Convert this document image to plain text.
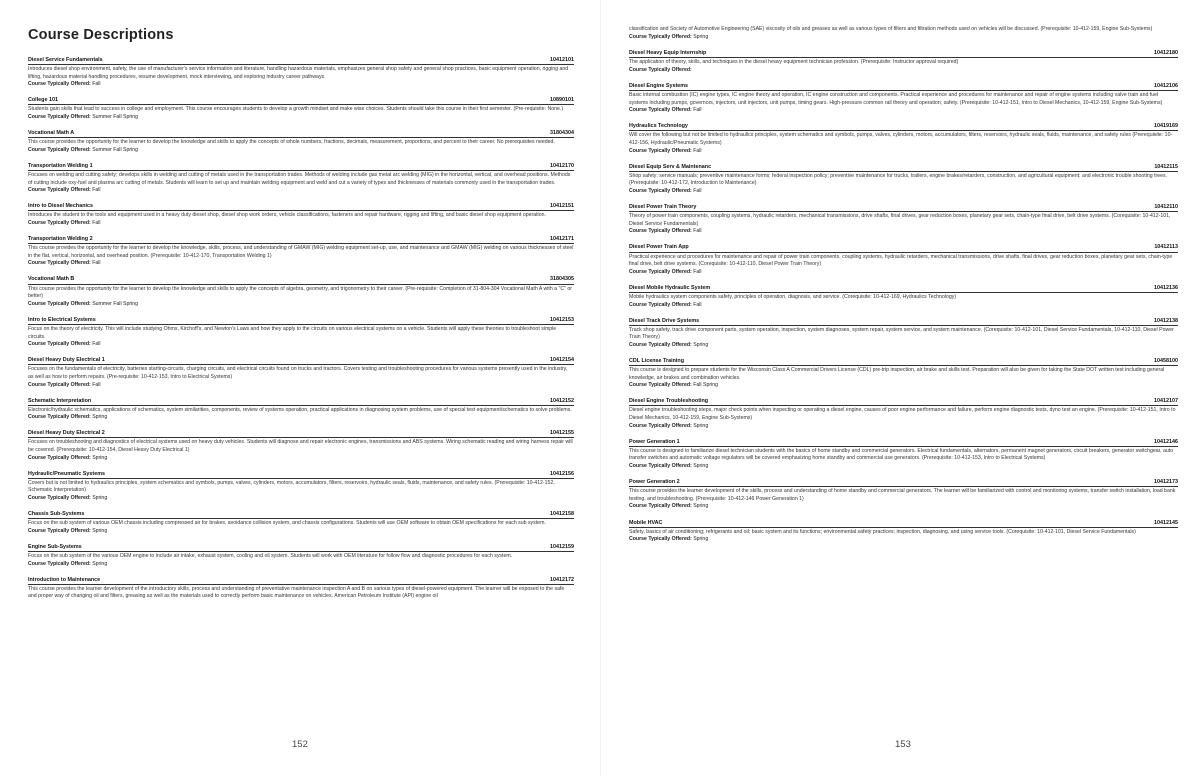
Course Descriptions
Diesel Service Fundamentals	10412101

Introduces diesel shop environment, safety, the use of manufacturer's service information and literature, handling hazardous materials, emphasizes general shop safety and general shop practices, basic equipment operation, rigging and lifting, hazardous material handling procedures, resume development, mock interviewing, and exploring industry career pathways.

Course Typically Offered: Fall

College 101	10890101

Students gain skills that lead to success in college and employment. This course encourages students to develop a growth mindset and make wise choices. Students should take this course in their first semester. (Pre-requisite: None.)

Course Typically Offered: Summer Fall Spring

Vocational Math A	31804304

This course provides the opportunity for the learner to develop the knowledge and skills to apply the concepts of whole numbers, fractions, decimals, measurement, proportions, and percent to their career. No prerequisites needed.

Course Typically Offered: Summer Fall Spring

Transportation Welding 1	10412170

Focuses on welding and cutting safety; develops skills in welding and cutting of metals used in the transportation trades. Methods of welding include gas metal arc welding (MIG) in the horizontal, vertical, and overhead positions. Methods of cutting include oxy-fuel and plasma arc cutting of metals. Students will learn to set up and maintain welding equipment and weld and cut a variety of types and thicknesses of materials commonly used in the transportation trades.

Course Typically Offered: Fall

Intro to Diesel Mechanics	10412151

Introduces the student to the tools and equipment used in a heavy duty diesel shop, diesel shop work orders, vehicle classifications, fasteners and repair hardware, rigging and lifting, and basic diesel shop equipment operation.

Course Typically Offered: Fall

Transportation Welding 2	10412171

This course provides the opportunity for the learner to develop the knowledge, skills, process, and understanding of GMAW (MIG) welding equipment set-up, use, and maintenance and GMAW (MIG) welding on various thicknesses of steel in the flat, vertical, horizontal, and overhead position. (Prerequisite: 10-412-170, Transportation Welding 1)

Course Typically Offered: Fall

Vocational Math B	31804305

This course provides the opportunity for the learner to develop the knowledge and skills to apply the concepts of algebra, geometry, and trigonometry to their career. (Pre-requisite: Completion of 31-804-304 Vocational Math A with a "C" or better)

Course Typically Offered: Summer Fall Spring

Intro to Electrical Systems	10412153

Focus on the theory of electricity. This will include studying Ohms, Kirchoff's, and Newton's Laws and how they apply to the circuits on various electrical systems on a vehicle. Students will apply these theories to troubleshoot simple circuits.

Course Typically Offered: Fall

Diesel Heavy Duty Electrical 1	10412154

Focuses on the fundamentals of electricity, batteries starting-circuits, charging circuits, and electrical circuits found on trucks and tractors. Covers testing and troubleshooting procedures for various systems presently used in the industry, as well as how to perform repairs. (Pre-requisite: 10-412-153, Intro to Electrical Systems)

Course Typically Offered: Fall

Schematic Interpretation	10412152

Electronic/hydraulic schematics, applications of schematics, system similarities, components, review of systems operation, practical applications in diagnosing system problems, use of special test equipment/schematics to solve problems.

Course Typically Offered: Spring

Diesel Heavy Duty Electrical 2	10412155

Focuses on troubleshooting and diagnostics of electrical systems used on heavy duty vehicles. Students will diagnose and repair electronic engines, transmissions and ABS systems. Wiring schematic reading and wiring harness repair will be covered. (Prerequisite: 10-412-154, Diesel Heavy Duty Electrical 1)

Course Typically Offered: Spring

Hydraulic/Pneumatic Systems	10412156

Covers but is not limited to hydraulics principles, system schematics and symbols, pumps, valves, cylinders, motors, accumulators, filters, reservoirs, hydraulic seals, fluids, maintenance, and safety rules. (Prerequisite: 10-412-152, Schematic Interpretation)

Course Typically Offered: Spring

Chassis Sub-Systems	10412158

Focus on the sub system of various OEM chassis including compressed air for brakes, avoidance collision system, and chassis configurations. Students will use OEM software to obtain OEM specifications for each sub system.

Course Typically Offered: Spring

Engine Sub-Systems	10412159

Focus on the sub system of the various OEM engine to include air intake, exhaust system, cooling and oil system. Students will work with OEM literature for follow flow and diagnostic procedures for each system.

Course Typically Offered: Spring

Introduction to Maintenance	10412172

This course provides the learner development of the introductory skills, process and understanding of preventative maintenance inspection A and B on various types of diesel-powered equipment. The learner will be exposed to the safe and proper way of changing oil and filters, greasing as well as the materials used to correctly perform basic maintenance on vehicles. American Petroleum Institute (API) engine oil

152

classification and Society of Automotive Engineering (SAE) viscosity of oils and greases as well as various types of filters and filtration methods used on vehicles will be discussed. (Prerequisite: 10-412-159, Engine Sub-Systems)

Course Typically Offered: Spring

Diesel Heavy Equip Internship	10412180

The application of theory, skills, and techniques in the diesel heavy equipment technician profession. (Prerequisite: Instructor approval required)

Course Typically Offered:

Diesel Engine Systems	10412106

Basic internal combustion (IC) engine types, IC engine theory and operation, IC engine construction and components. Practical experience and procedures for maintenance and repair of engine systems including valve train and fuel systems including pumps, governors, injectors, unit injectors, unit pumps, timing gears. High-pressure common rail theory and operation; safety. (Prerequisite: 10-412-151, Intro to Diesel Mechanics, 10-412-159, Engine Sub-Systems)

Course Typically Offered: Fall

Hydraulics Technology	10419169

Will cover the following but not be limited to hydraulics principles, system schematics and symbols, pumps, valves, cylinders, motors, accumulators, filters, reservoirs, hydraulic seals, fluids, maintenance, and safety rules (Prerequisite: 10-412-156, Hydraulic/Pneumatic Systems)

Course Typically Offered: Fall

Diesel Equip Serv & Maintenanc	10412115

Shop safety; service manuals; preventive maintenance forms; federal inspection policy; preventive maintenance for trucks, trailers, engine brakes/retarders, construction, and agricultural equipment; and electronic trouble shooting trees. (Prerequisite: 10-412-172, Introduction to Maintenance)

Course Typically Offered: Fall

Diesel Power Train Theory	10412110

Theory of power train components, coupling systems, hydraulic retarders, mechanical transmissions, drive shafts, final drives, gear reduction boxes, planetary gear sets, chain-type final drive, belt drive systems. (Corequisite: 10-412-101, Diesel Service Fundamentals)

Course Typically Offered: Fall

Diesel Power Train App	10412113

Practical experience and procedures for maintenance and repair of power train components, coupling systems, hydraulic retarders, mechanical transmissions, drive shafts, final drives, gear reduction boxes, planetary gear sets, chain-type final drive, belt drive systems. (Corequisite: 10-412-110, Diesel Power Train Theory)

Course Typically Offered: Fall

Diesel Mobile Hydraulic System	10412136

Mobile hydraulics system components safety, principles of operation, diagnosis, and service. (Corequisite: 10-412-169, Hydraulics Technology)

Course Typically Offered: Fall

Diesel Track Drive Systems	10412138

Track shop safety, track drive component parts, system operation, inspection, system diagnoses, system repair, system service, and system maintenance. (Corequisite: 10-412-101, Diesel Service Fundamentals, 10-412-110, Diesel Power Train Theory)

Course Typically Offered: Spring

CDL License Training	10458100

This course is designed to prepare students for the Wisconsin Class A Commercial Drivers License (CDL) pre-trip inspection, air brake and skills test. Preparation will also be given for taking the State DOT written test including general knowledge, air brakes and combination vehicles.

Course Typically Offered: Fall Spring

Diesel Engine Troubleshooting	10412107

Diesel engine troubleshooting steps, major check points when inspecting or operating a diesel engine, causes of poor engine performance and failure, perform engine diagnostic tests, dyno test an engine. (Prerequisite: 10-412-151, Intro to Diesel Mechanics, 10-412-159, Engine Sub-Systems)

Course Typically Offered: Spring

Power Generation 1	10412146

This course is designed to familiarize diesel technician students with the basics of home standby and commercial generators. Electrical fundamentals, alternators, permanent magnet generators, circuit breakers, generator switchgear, auto transfer switches and automatic voltage regulators will be covered emphasizing home standby and commercial use generators. (Prerequisite: 10-412-153, Intro to Electrical Systems)

Course Typically Offered: Spring

Power Generation 2	10412173

This course provides the learner development of the skills, process and understanding of home standby and commercial generators. The learner will be familiarized with control and monitoring systems, transfer switch installation, load bank testing, and troubleshooting. (Prerequisite: 10-412-146 Power Generation 1)

Course Typically Offered: Spring

Mobile HVAC	10412145

Safety, basics of air conditioning; refrigerants and oil; basic system and its functions; environmental safety practices; inspection, diagnosing, and using service tools. (Corequisite: 10-412-101, Diesel Service Fundamentals)

Course Typically Offered: Spring

153
